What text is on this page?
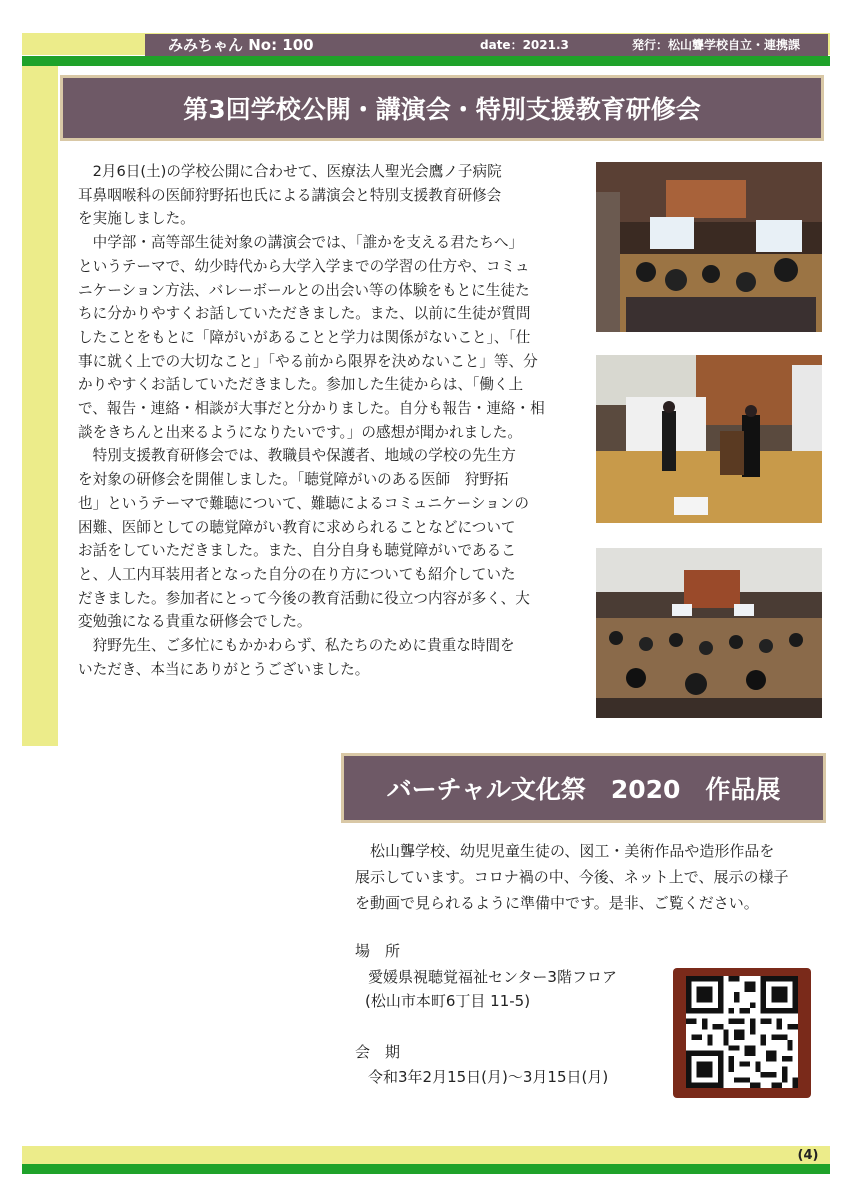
みみちゃん No: 100	date：2021.3	発行：松山聾学校自立・連携課
第3回学校公開・講演会・特別支援教育研修会

　2月6日(土)の学校公開に合わせて、医療法人聖光会鷹ノ子病院

耳鼻咽喉科の医師狩野拓也氏による講演会と特別支援教育研修会

を実施しました。

　中学部・高等部生徒対象の講演会では、「誰かを支える君たちへ」

というテーマで、幼少時代から大学入学までの学習の仕方や、コミュ

ニケーション方法、バレーボールとの出会い等の体験をもとに生徒た

ちに分かりやすくお話していただきました。また、以前に生徒が質問

したことをもとに「障がいがあることと学力は関係がないこと」、「仕

事に就く上での大切なこと」「やる前から限界を決めないこと」等、分

かりやすくお話していただきました。参加した生徒からは、「働く上

で、報告・連絡・相談が大事だと分かりました。自分も報告・連絡・相

談をきちんと出来るようになりたいです。」の感想が聞かれました。

　特別支援教育研修会では、教職員や保護者、地域の学校の先生方

を対象の研修会を開催しました。「聴覚障がいのある医師　狩野拓

也」というテーマで難聴について、難聴によるコミュニケーションの

困難、医師としての聴覚障がい教育に求められることなどについて

お話をしていただきました。また、自分自身も聴覚障がいであるこ

と、人工内耳装用者となった自分の在り方についても紹介していた

だきました。参加者にとって今後の教育活動に役立つ内容が多く、大

変勉強になる貴重な研修会でした。

　狩野先生、ご多忙にもかかわらず、私たちのために貴重な時間を

いただき、本当にありがとうございました。

バーチャル文化祭　2020　作品展

　松山聾学校、幼児児童生徒の、図工・美術作品や造形作品を

展示しています。コロナ禍の中、今後、ネット上で、展示の様子

を動画で見られるように準備中です。是非、ご覧ください。

場　所
愛媛県視聴覚福祉センター3階フロア
(松山市本町6丁目 11-5)
会　期
令和3年2月15日(月)～3月15日(月)
(4)
